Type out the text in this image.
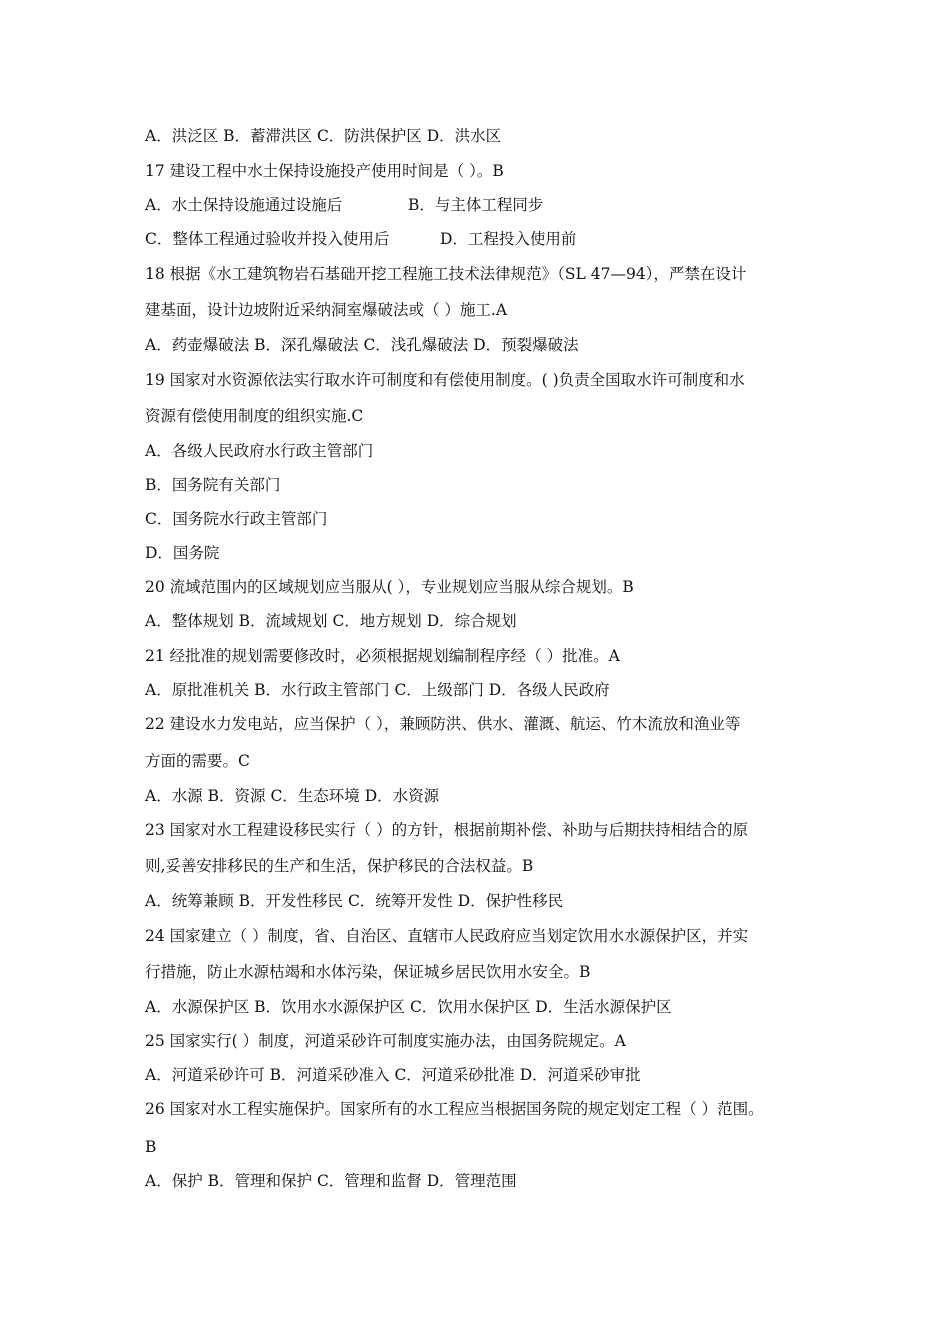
A．洪泛区 B．蓄滞洪区 C．防洪保护区 D．洪水区
17 建设工程中水土保持设施投产使用时间是（ ）。B
A．水土保持设施通过设施后	B．与主体工程同步
C．整体工程通过验收并投入使用后	D．工程投入使用前
18 根据《水工建筑物岩石基础开挖工程施工技术法律规范》（SL 47—94），严禁在设计
建基面，设计边坡附近采纳洞室爆破法或（ ）施工.A
A．药壶爆破法 B．深孔爆破法 C．浅孔爆破法 D．预裂爆破法
19 国家对水资源依法实行取水许可制度和有偿使用制度。( )负责全国取水许可制度和水
资源有偿使用制度的组织实施.C
A．各级人民政府水行政主管部门
B．国务院有关部门
C．国务院水行政主管部门
D．国务院
20 流域范围内的区域规划应当服从( ），专业规划应当服从综合规划。B
A．整体规划 B．流域规划 C．地方规划 D．综合规划
21 经批准的规划需要修改时，必须根据规划编制程序经（ ）批准。A
A．原批准机关 B．水行政主管部门 C．上级部门 D．各级人民政府
22 建设水力发电站，应当保护（ ），兼顾防洪、供水、灌溉、航运、竹木流放和渔业等
方面的需要。C
A．水源 B．资源 C．生态环境 D．水资源
23 国家对水工程建设移民实行（ ）的方针，根据前期补偿、补助与后期扶持相结合的原
则,妥善安排移民的生产和生活，保护移民的合法权益。B
A．统筹兼顾 B．开发性移民 C．统筹开发性 D．保护性移民
24 国家建立（ ）制度，省、自治区、直辖市人民政府应当划定饮用水水源保护区，并实
行措施，防止水源枯竭和水体污染，保证城乡居民饮用水安全。B
A．水源保护区 B．饮用水水源保护区 C．饮用水保护区 D．生活水源保护区
25 国家实行( ）制度，河道采砂许可制度实施办法，由国务院规定。A
A．河道采砂许可 B．河道采砂准入 C．河道采砂批准 D．河道采砂审批
26 国家对水工程实施保护。国家所有的水工程应当根据国务院的规定划定工程（ ）范围。
B
A．保护 B．管理和保护 C．管理和监督 D．管理范围
